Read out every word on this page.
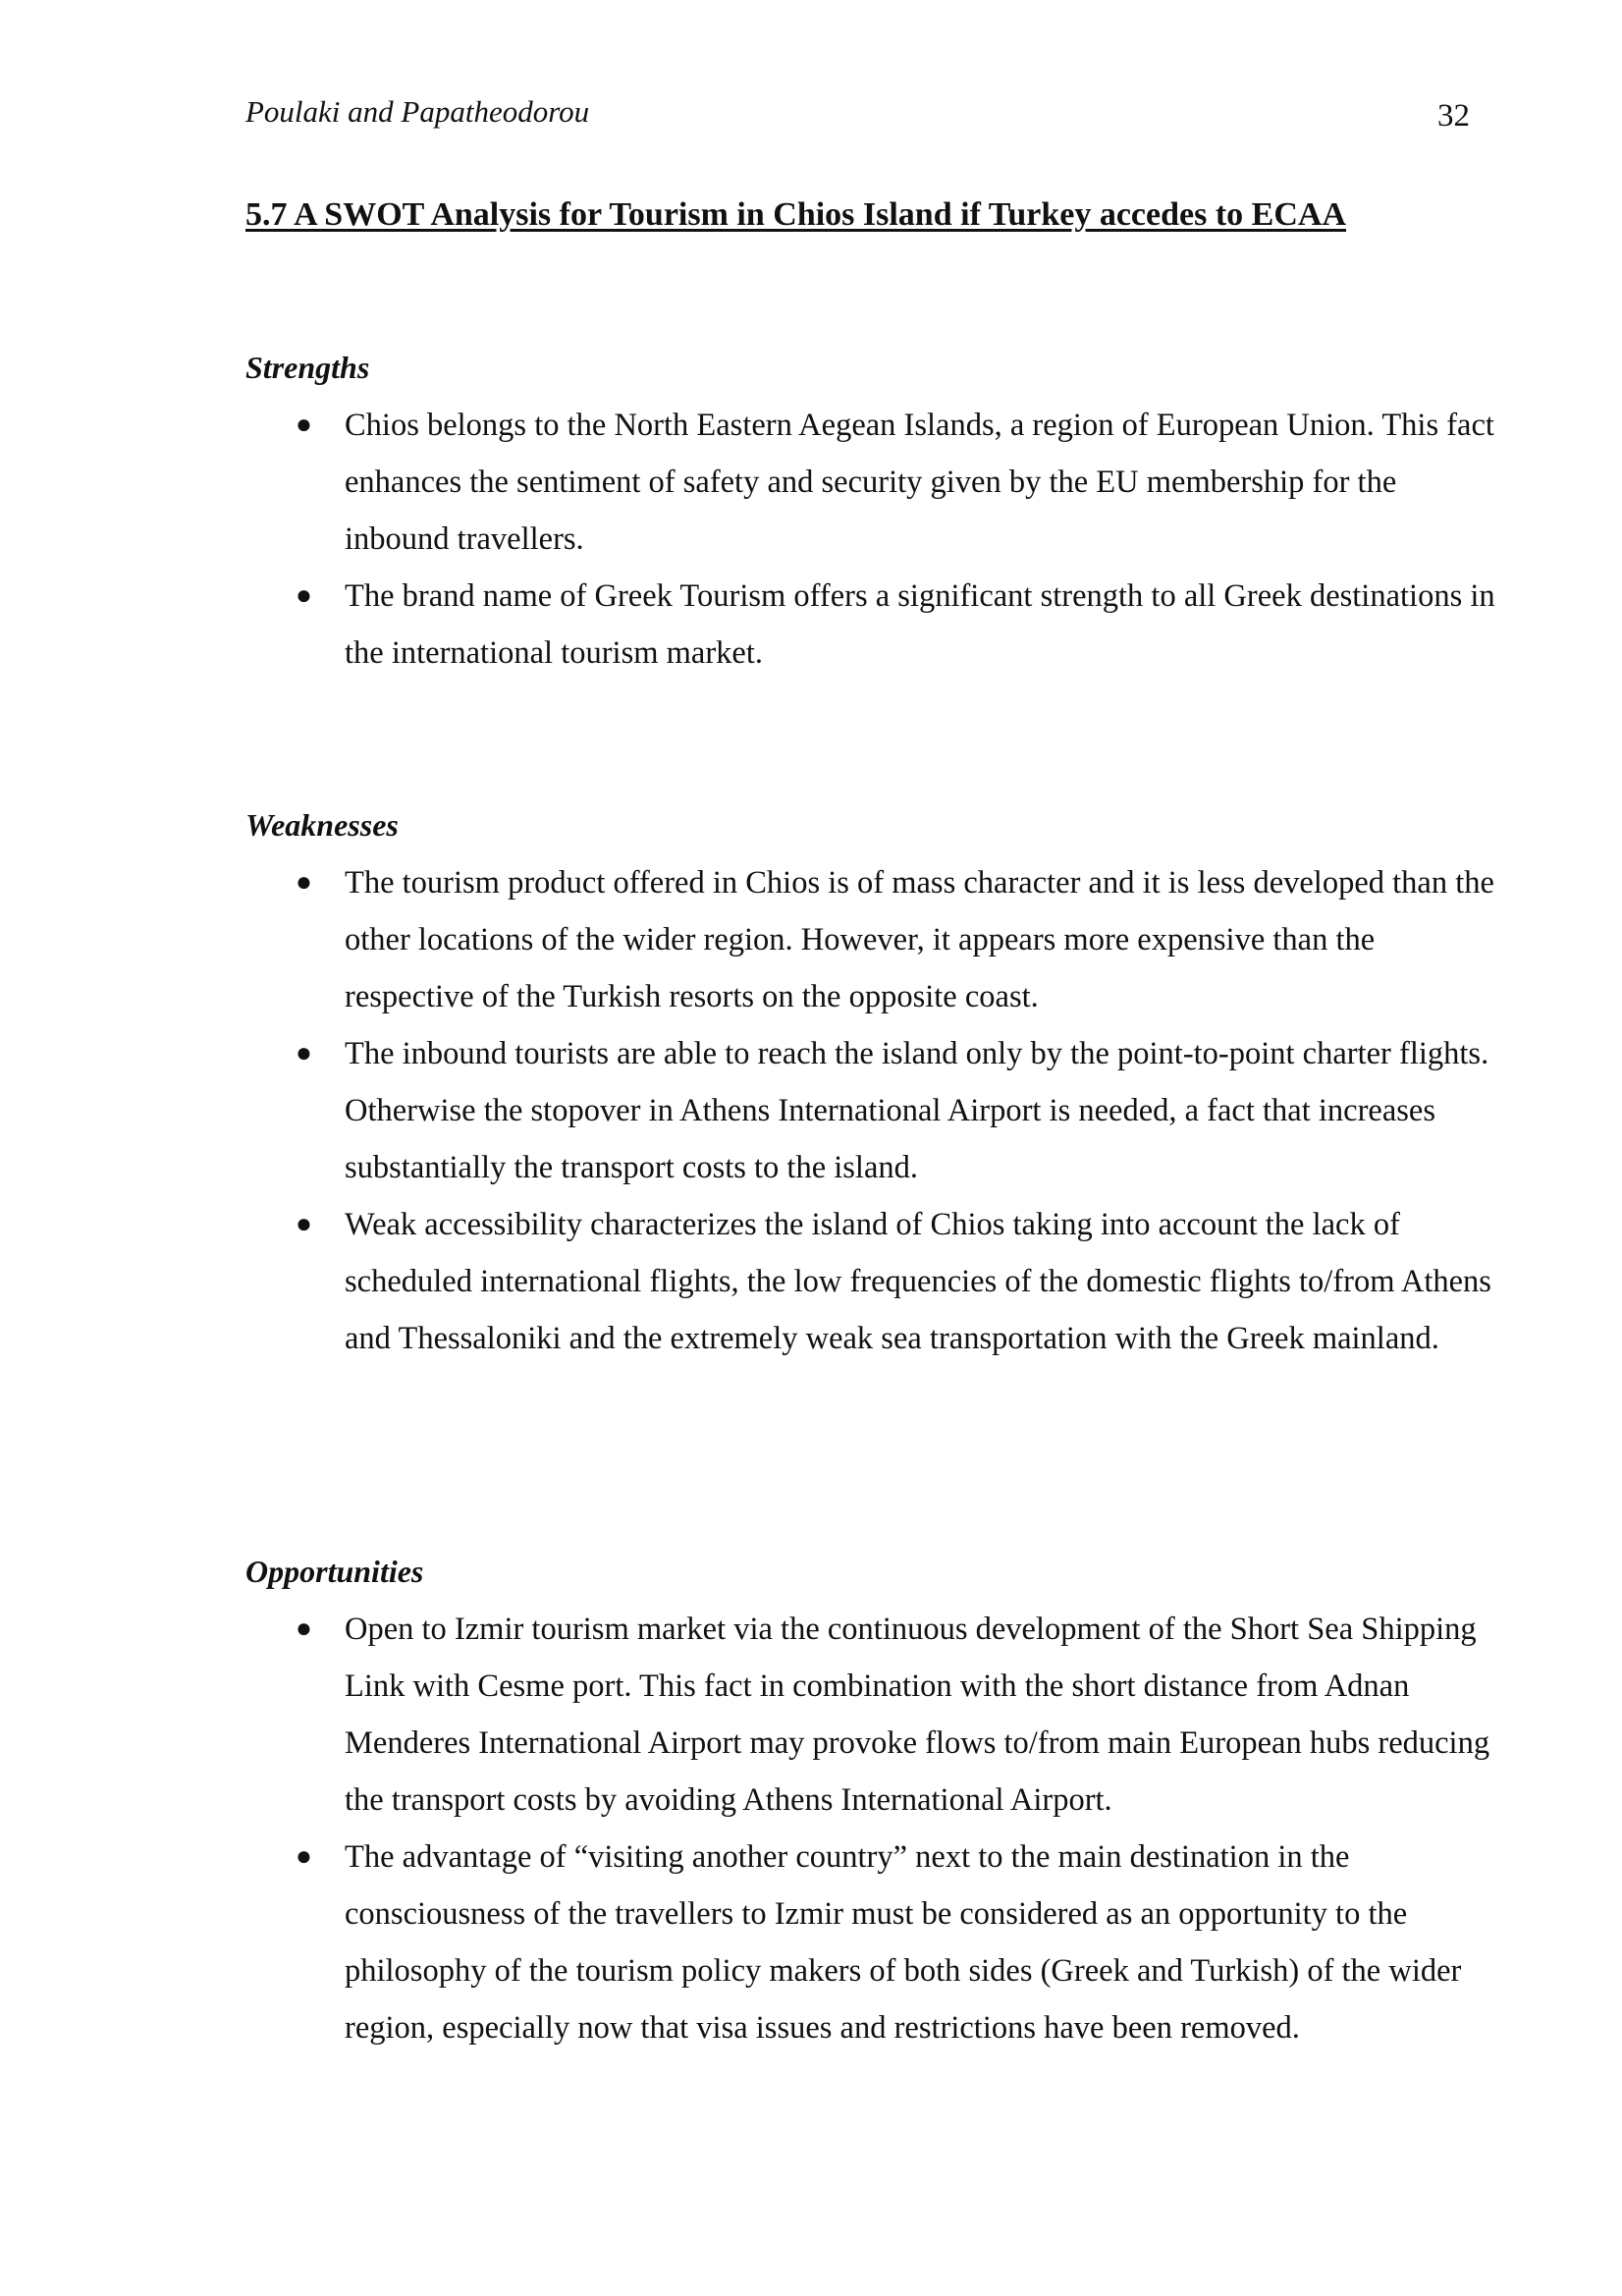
Poulaki and Papatheodorou	32
5.7 A SWOT Analysis for Tourism in Chios Island if Turkey accedes to ECAA
Strengths
● Chios belongs to the North Eastern Aegean Islands, a region of European Union. This fact enhances the sentiment of safety and security given by the EU membership for the inbound travellers.
● The brand name of Greek Tourism offers a significant strength to all Greek destinations in the international tourism market.
Weaknesses
● The tourism product offered in Chios is of mass character and it is less developed than the other locations of the wider region. However, it appears more expensive than the respective of the Turkish resorts on the opposite coast.
● The inbound tourists are able to reach the island only by the point-to-point charter flights. Otherwise the stopover in Athens International Airport is needed, a fact that increases substantially the transport costs to the island.
● Weak accessibility characterizes the island of Chios taking into account the lack of scheduled international flights, the low frequencies of the domestic flights to/from Athens and Thessaloniki and the extremely weak sea transportation with the Greek mainland.
Opportunities
● Open to Izmir tourism market via the continuous development of the Short Sea Shipping Link with Cesme port. This fact in combination with the short distance from Adnan Menderes International Airport may provoke flows to/from main European hubs reducing the transport costs by avoiding Athens International Airport.
● The advantage of “visiting another country” next to the main destination in the consciousness of the travellers to Izmir must be considered as an opportunity to the philosophy of the tourism policy makers of both sides (Greek and Turkish) of the wider region, especially now that visa issues and restrictions have been removed.
